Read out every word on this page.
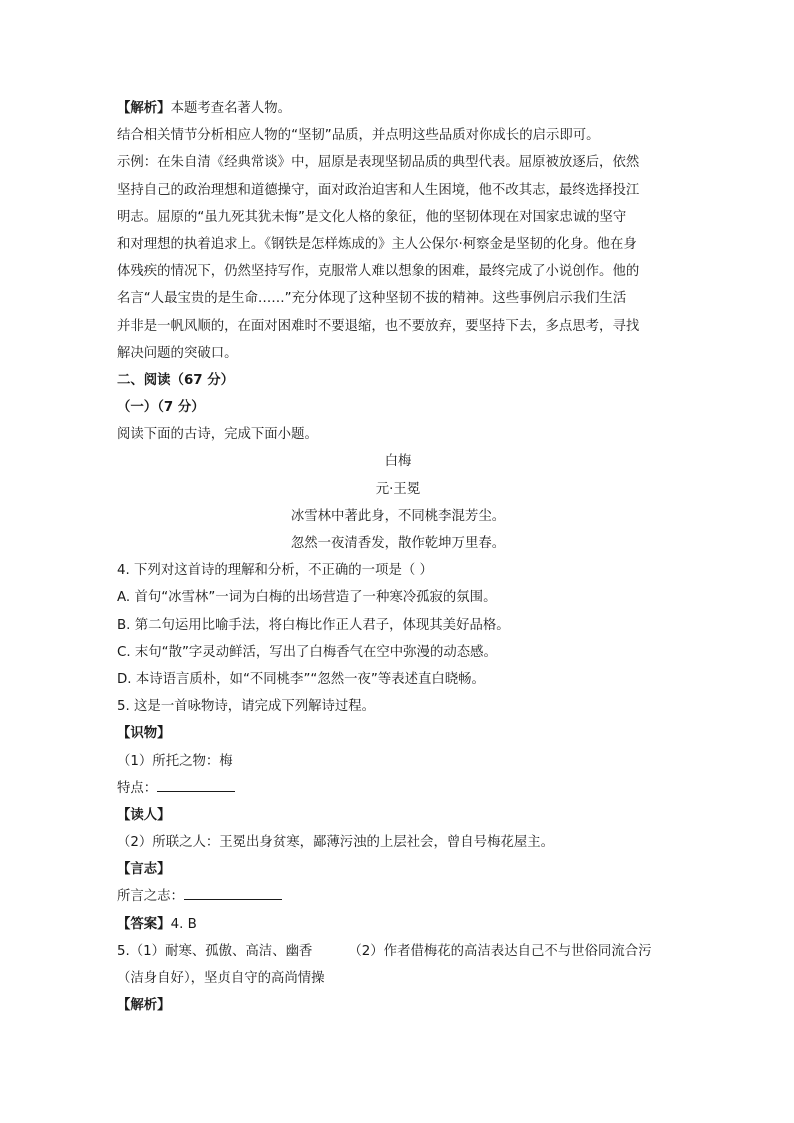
【解析】本题考查名著人物。
结合相关情节分析相应人物的“坚韧”品质，并点明这些品质对你成长的启示即可。
示例：在朱自清《经典常谈》中，屈原是表现坚韧品质的典型代表。屈原被放逐后，依然
坚持自己的政治理想和道德操守，面对政治迫害和人生困境，他不改其志，最终选择投江
明志。屈原的“虽九死其犹未悔”是文化人格的象征，他的坚韧体现在对国家忠诚的坚守
和对理想的执着追求上。《钢铁是怎样炼成的》主人公保尔·柯察金是坚韧的化身。他在身
体残疾的情况下，仍然坚持写作，克服常人难以想象的困难，最终完成了小说创作。他的
名言“人最宝贵的是生命……”充分体现了这种坚韧不拔的精神。这些事例启示我们生活
并非是一帆风顺的，在面对困难时不要退缩，也不要放弃，要坚持下去，多点思考，寻找
解决问题的突破口。
二、阅读（67 分）
（一）（7 分）
阅读下面的古诗，完成下面小题。
白梅
元·王冕
冰雪林中著此身，不同桃李混芳尘。
忽然一夜清香发，散作乾坤万里春。
4. 下列对这首诗的理解和分析，不正确的一项是（ ）
A. 首句“冰雪林”一词为白梅的出场营造了一种寒冷孤寂的氛围。
B. 第二句运用比喻手法，将白梅比作正人君子，体现其美好品格。
C. 末句“散”字灵动鲜活，写出了白梅香气在空中弥漫的动态感。
D. 本诗语言质朴，如“不同桃李”“忽然一夜”等表述直白晓畅。
5. 这是一首咏物诗，请完成下列解诗过程。
【识物】
（1）所托之物：梅
特点：
【读人】
（2）所联之人：王冕出身贫寒，鄙薄污浊的上层社会，曾自号梅花屋主。
【言志】
所言之志：
【答案】4. B
5.（1）耐寒、孤傲、高洁、幽香	（2）作者借梅花的高洁表达自己不与世俗同流合污
（洁身自好），坚贞自守的高尚情操
【解析】
